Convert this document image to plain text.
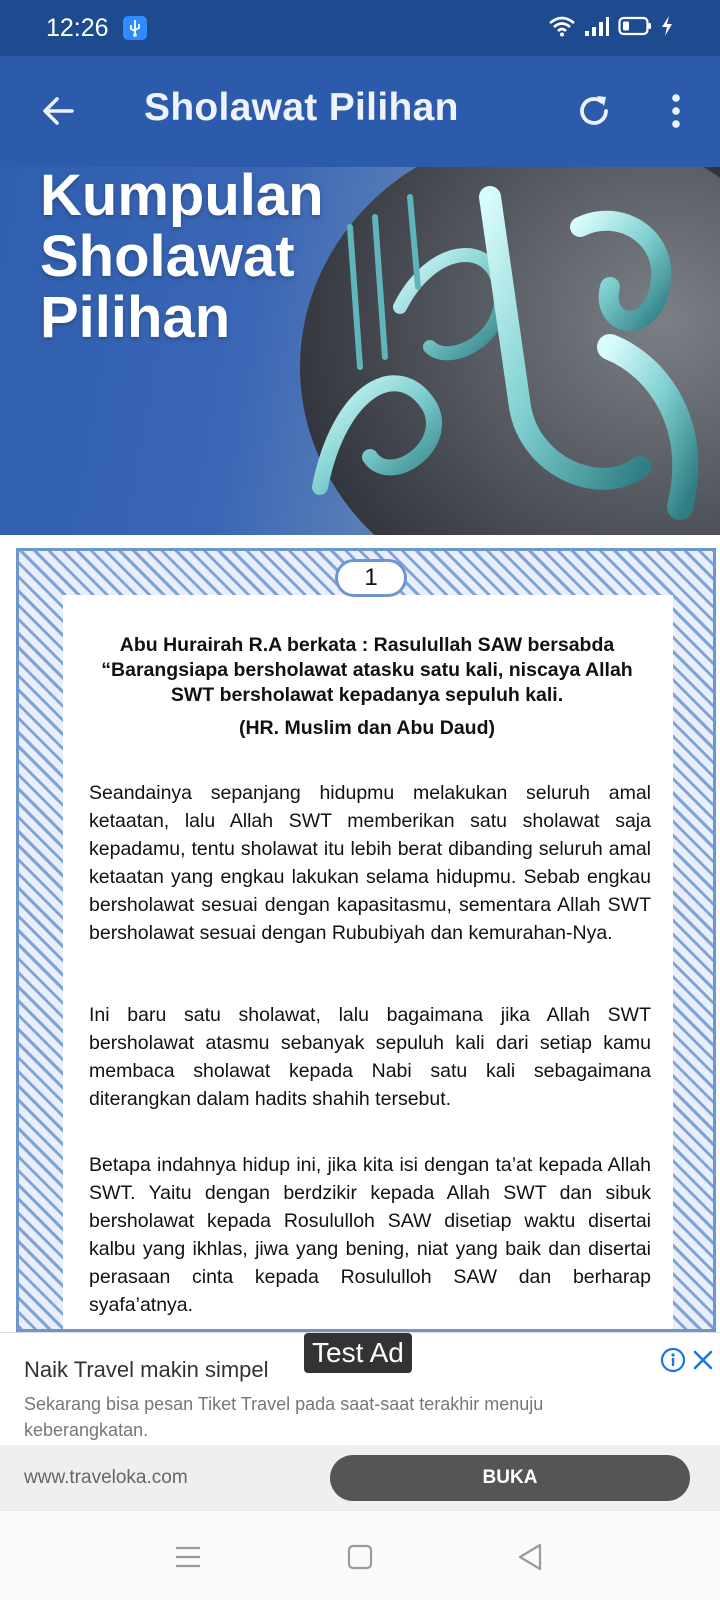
12:26
Sholawat Pilihan
Kumpulan
Sholawat
Pilihan
1
Abu Hurairah R.A berkata : Rasulullah SAW bersabda “Barangsiapa bersholawat atasku satu kali, niscaya Allah SWT bersholawat kepadanya sepuluh kali.
(HR. Muslim dan Abu Daud)
Seandainya sepanjang hidupmu melakukan seluruh amal ketaatan, lalu Allah SWT memberikan satu sholawat saja kepadamu, tentu sholawat itu lebih berat dibanding seluruh amal ketaatan yang engkau lakukan selama hidupmu. Sebab engkau bersholawat sesuai dengan kapasitasmu, sementara Allah SWT bersholawat sesuai dengan Rububiyah dan kemurahan-Nya.
Ini baru satu sholawat, lalu bagaimana jika Allah SWT bersholawat atasmu sebanyak sepuluh kali dari setiap kamu membaca sholawat kepada Nabi satu kali sebagaimana diterangkan dalam hadits shahih tersebut.
Betapa indahnya hidup ini, jika kita isi dengan ta’at kepada Allah SWT. Yaitu dengan berdzikir kepada Allah SWT dan sibuk bersholawat kepada Rosululloh SAW disetiap waktu disertai kalbu yang ikhlas, jiwa yang bening, niat yang baik dan disertai perasaan cinta kepada Rosululloh SAW dan berharap syafa’atnya.
Naik Travel makin simpel
Test Ad
Sekarang bisa pesan Tiket Travel pada saat-saat terakhir menuju keberangkatan.
www.traveloka.com	BUKA
